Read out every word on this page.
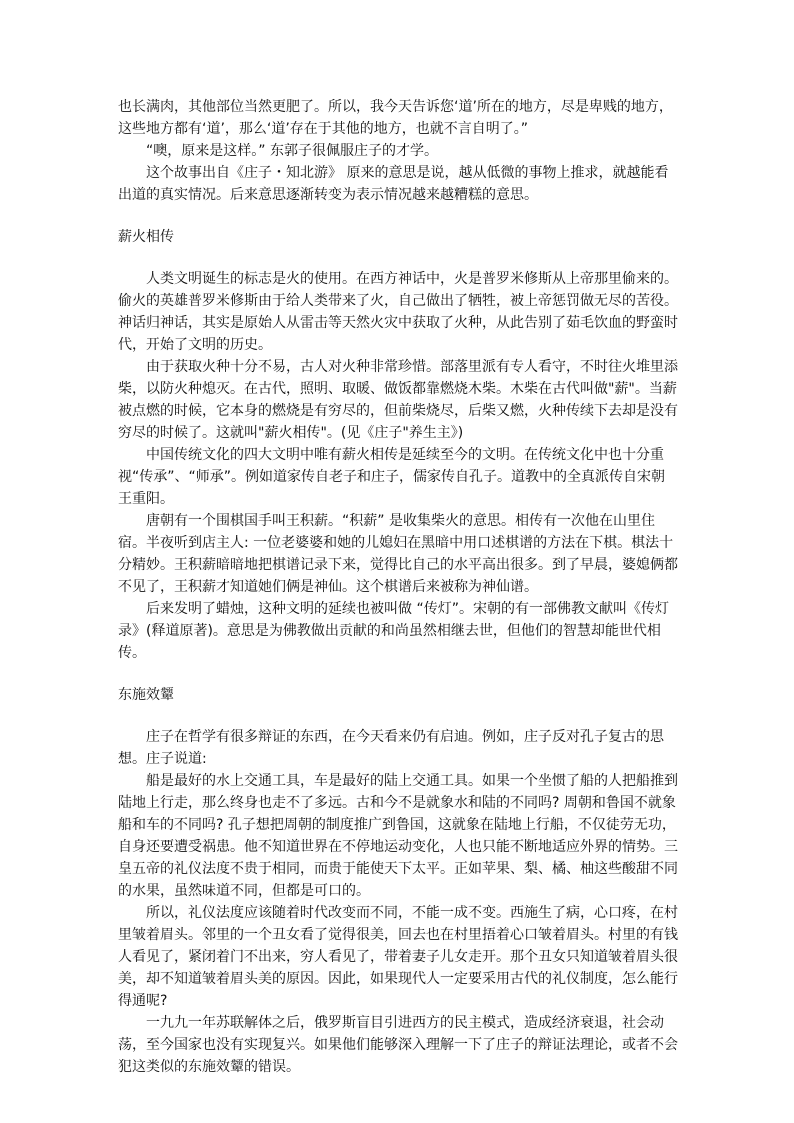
也长满肉，其他部位当然更肥了。所以，我今天告诉您‘道’所在的地方，尽是卑贱的地方，这些地方都有‘道’，那么‘道’存在于其他的地方，也就不言自明了。”

“噢，原来是这样。” 东郭子很佩服庄子的才学。

这个故事出自《庄子・知北游》 原来的意思是说，越从低微的事物上推求，就越能看出道的真实情况。后来意思逐渐转变为表示情况越来越糟糕的意思。

薪火相传

人类文明诞生的标志是火的使用。在西方神话中，火是普罗米修斯从上帝那里偷来的。偷火的英雄普罗米修斯由于给人类带来了火，自己做出了牺牲，被上帝惩罚做无尽的苦役。神话归神话，其实是原始人从雷击等天然火灾中获取了火种，从此告别了茹毛饮血的野蛮时代，开始了文明的历史。

由于获取火种十分不易，古人对火种非常珍惜。部落里派有专人看守，不时往火堆里添柴，以防火种熄灭。在古代，照明、取暖、做饭都靠燃烧木柴。木柴在古代叫做"薪"。当薪被点燃的时候，它本身的燃烧是有穷尽的，但前柴烧尽，后柴又燃，火种传续下去却是没有穷尽的时候了。这就叫"薪火相传"。(见《庄子"养生主》)

中国传统文化的四大文明中唯有薪火相传是延续至今的文明。在传统文化中也十分重视“传承”、“师承”。例如道家传自老子和庄子，儒家传自孔子。道教中的全真派传自宋朝王重阳。

唐朝有一个围棋国手叫王积薪。“积薪” 是收集柴火的意思。相传有一次他在山里住宿。半夜听到店主人: 一位老婆婆和她的儿媳妇在黑暗中用口述棋谱的方法在下棋。棋法十分精妙。王积薪暗暗地把棋谱记录下来，觉得比自己的水平高出很多。到了早晨，婆媳俩都不见了，王积薪才知道她们俩是神仙。这个棋谱后来被称为神仙谱。

后来发明了蜡烛，这种文明的延续也被叫做 “传灯”。宋朝的有一部佛教文献叫《传灯录》(释道原著)。意思是为佛教做出贡献的和尚虽然相继去世，但他们的智慧却能世代相传。

东施效颦

庄子在哲学有很多辩证的东西，在今天看来仍有启迪。例如，庄子反对孔子复古的思想。庄子说道:

船是最好的水上交通工具，车是最好的陆上交通工具。如果一个坐惯了船的人把船推到陆地上行走，那么终身也走不了多远。古和今不是就象水和陆的不同吗? 周朝和鲁国不就象船和车的不同吗? 孔子想把周朝的制度推广到鲁国，这就象在陆地上行船，不仅徒劳无功，自身还要遭受祸患。他不知道世界在不停地运动变化，人也只能不断地适应外界的情势。三皇五帝的礼仪法度不贵于相同，而贵于能使天下太平。正如苹果、梨、橘、柚这些酸甜不同的水果，虽然味道不同，但都是可口的。

所以，礼仪法度应该随着时代改变而不同，不能一成不变。西施生了病，心口疼，在村里皱着眉头。邻里的一个丑女看了觉得很美，回去也在村里捂着心口皱着眉头。村里的有钱人看见了，紧闭着门不出来，穷人看见了，带着妻子儿女走开。那个丑女只知道皱着眉头很美，却不知道皱着眉头美的原因。因此，如果现代人一定要采用古代的礼仪制度，怎么能行得通呢?

一九九一年苏联解体之后，俄罗斯盲目引进西方的民主模式，造成经济衰退，社会动荡，至今国家也没有实现复兴。如果他们能够深入理解一下了庄子的辩证法理论，或者不会犯这类似的东施效颦的错误。
